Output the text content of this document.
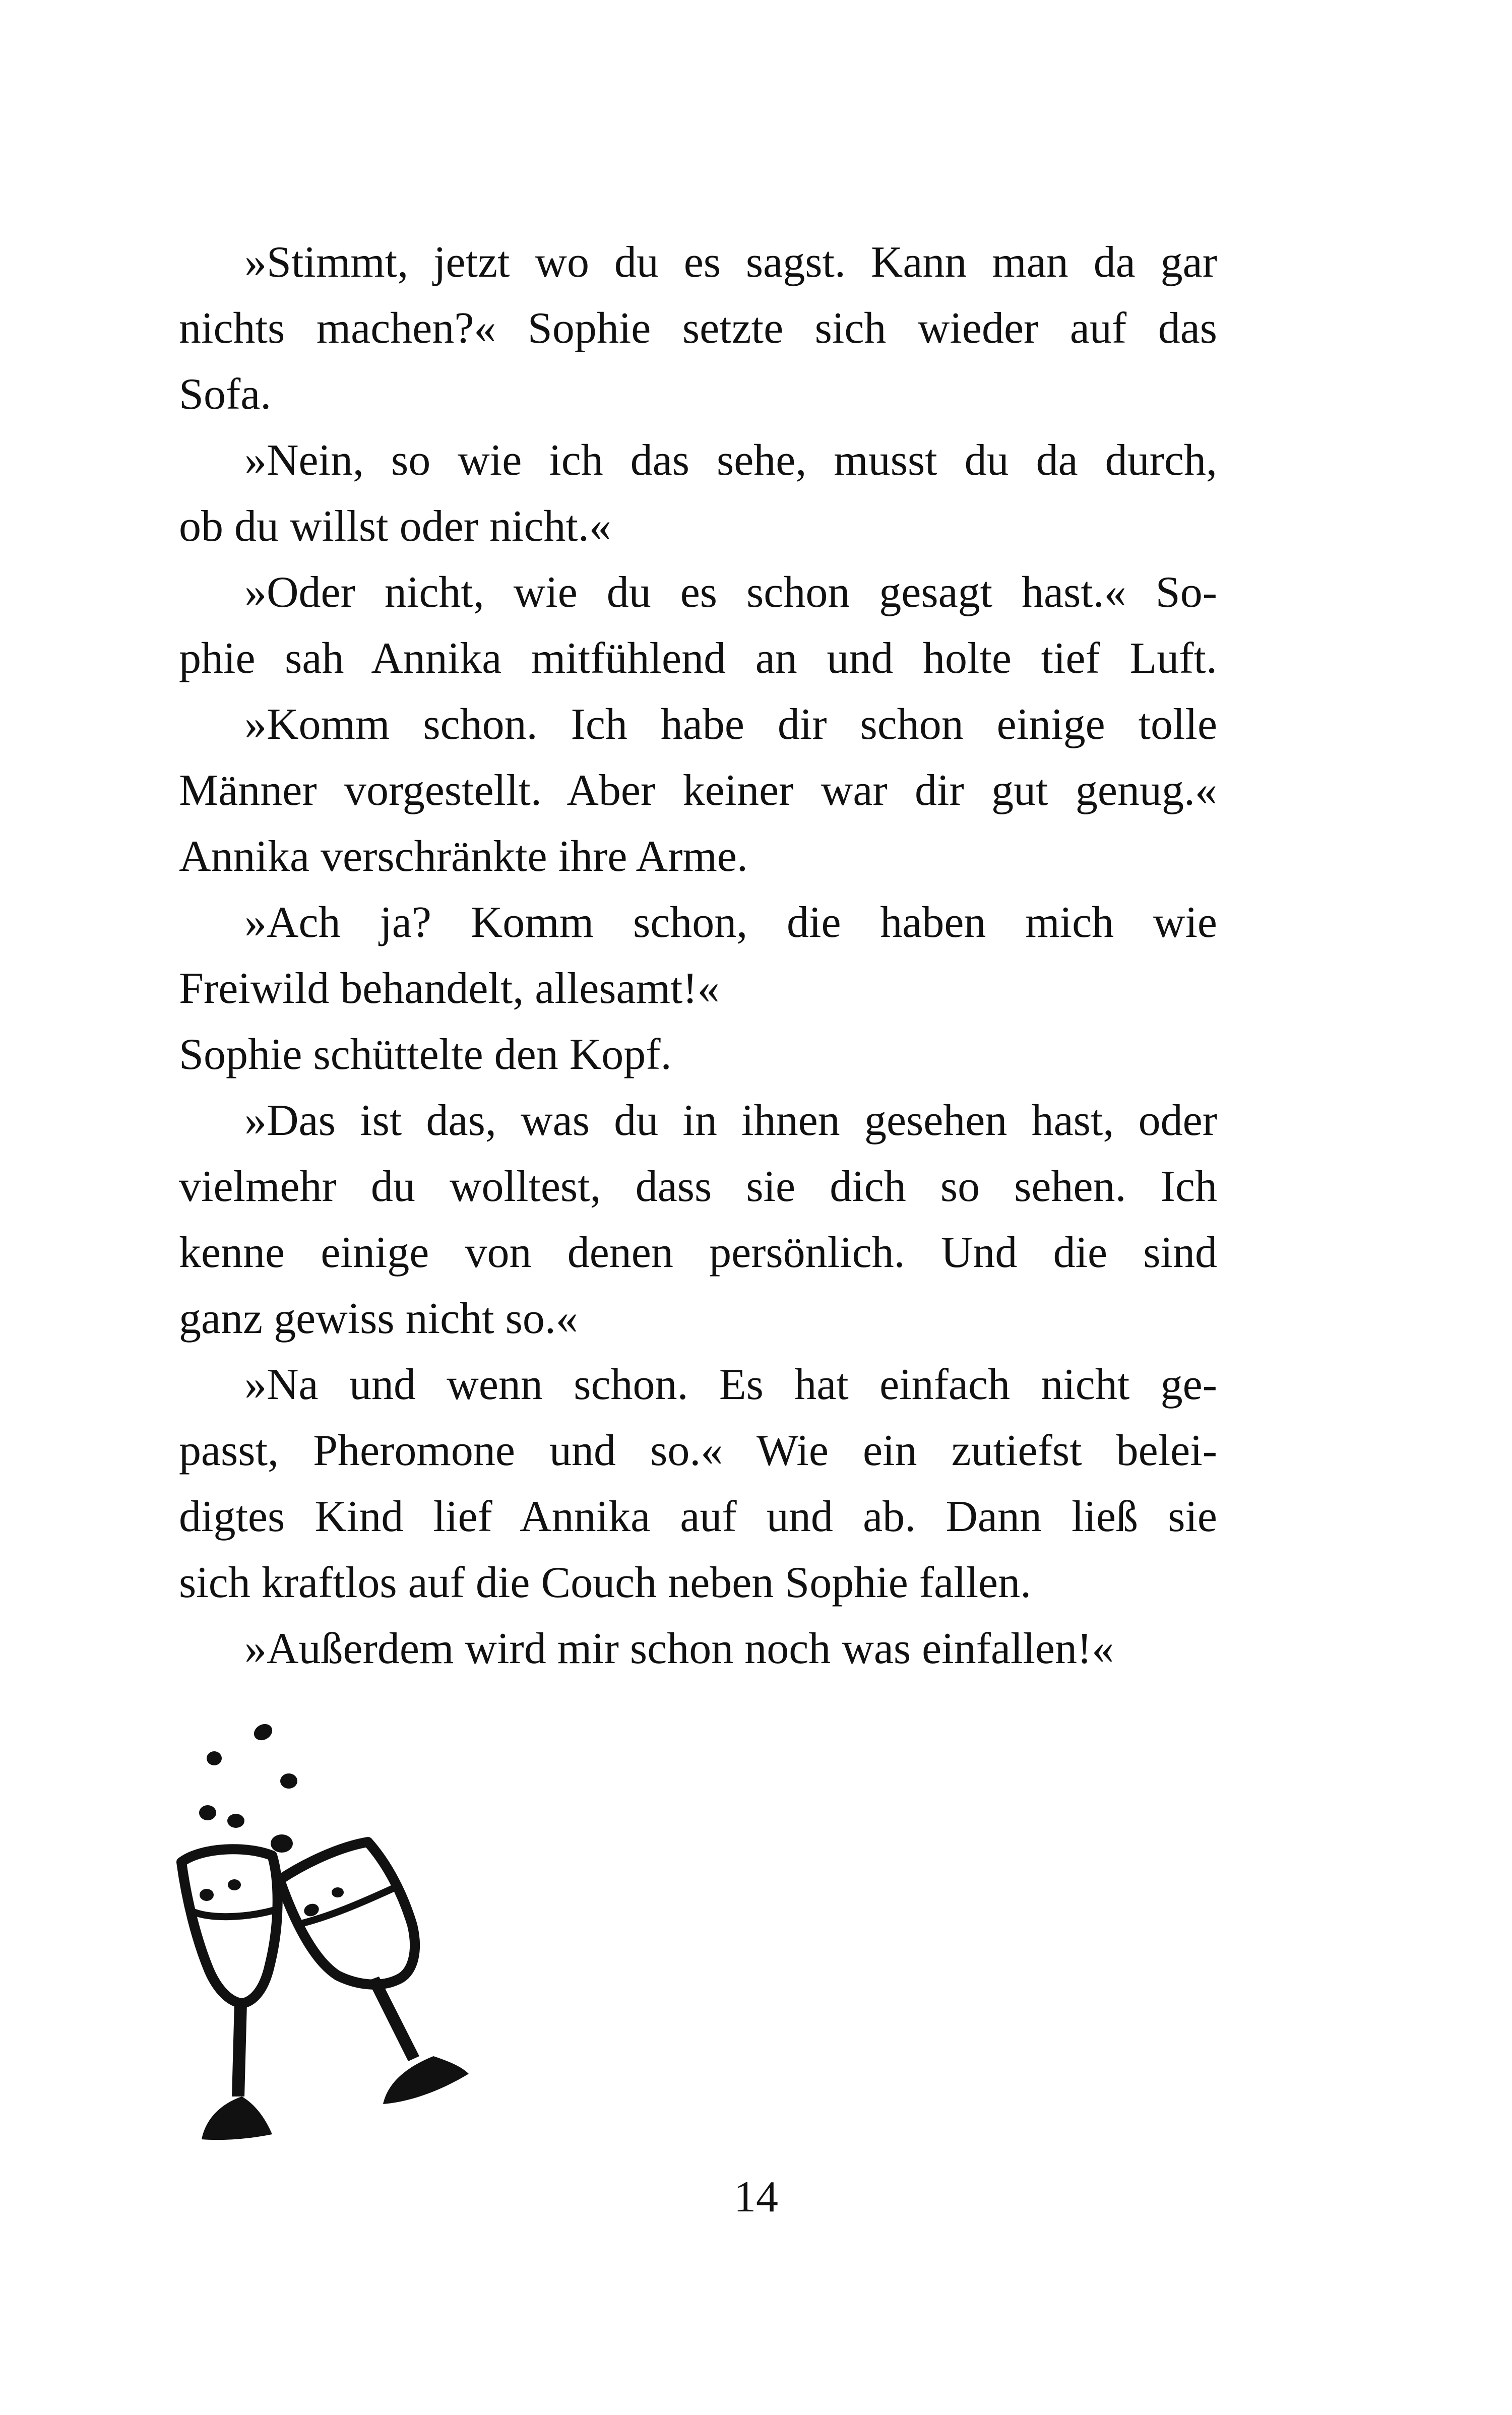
»Stimmt, jetzt wo du es sagst. Kann man da gar
nichts machen?« Sophie setzte sich wieder auf das
Sofa.
»Nein, so wie ich das sehe, musst du da durch,
ob du willst oder nicht.«
»Oder nicht, wie du es schon gesagt hast.« So-
phie sah Annika mitfühlend an und holte tief Luft.
»Komm schon. Ich habe dir schon einige tolle
Männer vorgestellt. Aber keiner war dir gut genug.«
Annika verschränkte ihre Arme.
»Ach ja? Komm schon, die haben mich wie
Freiwild behandelt, allesamt!«
Sophie schüttelte den Kopf.
»Das ist das, was du in ihnen gesehen hast, oder
vielmehr du wolltest, dass sie dich so sehen. Ich
kenne einige von denen persönlich. Und die sind
ganz gewiss nicht so.«
»Na und wenn schon. Es hat einfach nicht ge-
passt, Pheromone und so.« Wie ein zutiefst belei-
digtes Kind lief Annika auf und ab. Dann ließ sie
sich kraftlos auf die Couch neben Sophie fallen.
»Außerdem wird mir schon noch was einfallen!«
14
